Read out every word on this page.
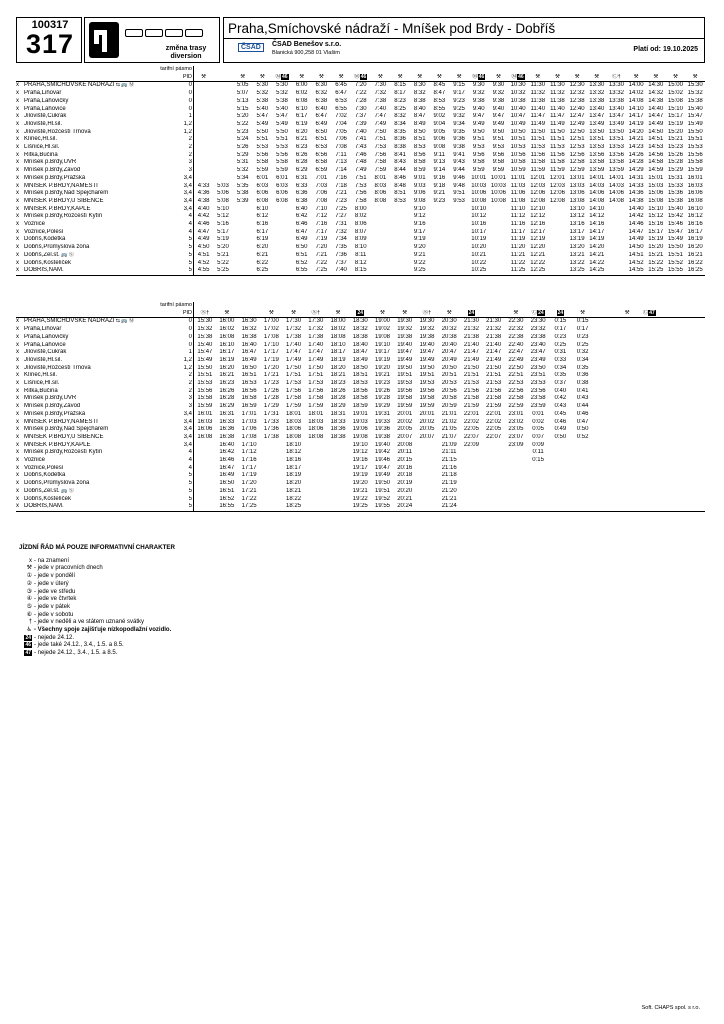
100317
317	změna trasy diversion
Praha,Smíchovské nádraží - Mníšek pod Brdy - Dobříš
ČSAD	ČSAD Benešov s.r.o.
Blanická 900,258 01 Vlašim	Platí od: 19.10.2025
		tarifní pásmo																										
		PID	⚒		⚒	⚒	Ⓜ46	⚒	⚒	⚒	Ⓜ46	⚒	⚒	⚒	⚒	⚒	Ⓜ46	⚒	Ⓜ46	⚒	⚒	⚒	⚒	Ⓒ†	⚒	⚒	⚒	⚒
x	PRAHA,SMÍCHOVSKÉ NÁDRAŽÍ ⇆ 🚌 Ⓜ	0			5:05	5:30	5:30	6:00	6:30	6:45	7:20	7:30	8:15	8:30	8:45	9:15	9:30	9:30	10:30	11:30	11:30	12:30	13:30	13:30	14:00	14:30	15:00	15:30
x	Praha,Lihovar	0			5:07	5:32	5:32	6:02	6:32	6:47	7:22	7:32	8:17	8:32	8:47	9:17	9:32	9:32	10:32	11:32	11:32	12:32	13:32	13:32	14:02	14:32	15:02	15:32
x	Praha,Lahovičky	0			5:13	5:38	5:38	6:08	6:38	6:53	7:28	7:38	8:23	8:38	8:53	9:23	9:38	9:38	10:38	11:38	11:38	12:38	13:38	13:38	14:08	14:38	15:08	15:38
x	Praha,Lahovice	0			5:15	5:40	5:40	6:10	6:40	6:55	7:30	7:40	8:25	8:40	8:55	9:25	9:40	9:40	10:40	11:40	11:40	12:40	13:40	13:40	14:10	14:40	15:10	15:40
x	Jíloviště,Cukrák	1			5:20	5:47	5:47	6:17	6:47	7:02	7:37	7:47	8:32	8:47	9:02	9:32	9:47	9:47	10:47	11:47	11:47	12:47	13:47	13:47	14:17	14:47	15:17	15:47
x	Jíloviště,Hl.sil.	1,2			5:22	5:49	5:49	6:19	6:49	7:04	7:39	7:49	8:34	8:49	9:04	9:34	9:49	9:49	10:49	11:49	11:49	12:49	13:49	13:49	14:19	14:49	15:19	15:49
x	Jíloviště,Rozcestí Trnová	1,2			5:23	5:50	5:50	6:20	6:50	7:05	7:40	7:50	8:35	8:50	9:05	9:35	9:50	9:50	10:50	11:50	11:50	12:50	13:50	13:50	14:20	14:50	15:20	15:50
x	Klínec,Hl.sil.	2			5:24	5:51	5:51	6:21	6:51	7:06	7:41	7:51	8:36	8:51	9:06	9:36	9:51	9:51	10:51	11:51	11:51	12:51	13:51	13:51	14:21	14:51	15:21	15:51
x	Líšnice,Hl.sil.	2			5:26	5:53	5:53	6:23	6:53	7:08	7:43	7:53	8:38	8:53	9:08	9:38	9:53	9:53	10:53	11:53	11:53	12:53	13:53	13:53	14:23	14:53	15:23	15:53
x	Řitka,Bučina	2			5:29	5:56	5:56	6:26	6:56	7:11	7:46	7:56	8:41	8:56	9:11	9:41	9:56	9:56	10:56	11:56	11:56	12:56	13:56	13:56	14:26	14:56	15:26	15:56
x	Mníšek p.Brdy,ÚVR	3			5:31	5:58	5:58	6:28	6:58	7:13	7:48	7:58	8:43	8:58	9:13	9:43	9:58	9:58	10:58	11:58	11:58	12:58	13:58	13:58	14:28	14:58	15:28	15:58
x	Mníšek p.Brdy,Závod	3			5:32	5:59	5:59	6:29	6:59	7:14	7:49	7:59	8:44	8:59	9:14	9:44	9:59	9:59	10:59	11:59	11:59	12:59	13:59	13:59	14:29	14:59	15:29	15:59
x	Mníšek p.Brdy,Pražská	3,4			5:34	6:01	6:01	6:31	7:01	7:16	7:51	8:01	8:46	9:01	9:16	9:46	10:01	10:01	11:01	12:01	12:01	13:01	14:01	14:01	14:31	15:01	15:31	16:01
x	MNÍŠEK P.BRDY,NÁMĚSTÍ	3,4	4:33	5:03	5:35	6:03	6:03	6:33	7:03	7:18	7:53	8:03	8:48	9:03	9:18	9:48	10:03	10:03	11:03	12:03	12:03	13:03	14:03	14:03	14:33	15:03	15:33	16:03
x	Mníšek p.Brdy,Nad Spejcharem	3,4	4:36	5:06	5:38	6:06	6:06	6:36	7:06	7:21	7:56	8:06	8:51	9:06	9:21	9:51	10:06	10:06	11:06	12:06	12:06	13:06	14:06	14:06	14:36	15:06	15:36	16:06
x	MNÍŠEK P.BRDY,U ŠIBENCE	3,4	4:38	5:08	5:39	6:08	6:08	6:38	7:08	7:23	7:58	8:08	8:53	9:08	9:23	9:53	10:08	10:08	11:08	12:08	12:08	13:08	14:08	14:08	14:38	15:08	15:38	16:08
x	MNÍŠEK P.BRDY,KAPLE	3,4	4:40	5:10		6:10		6:40	7:10	7:25	8:00			9:10			10:10		11:10	12:10		13:10	14:10		14:40	15:10	15:40	16:10
x	Mníšek p.Brdy,Rozcestí Kytín	4	4:42	5:12		6:12		6:42	7:12	7:27	8:02			9:12			10:12		11:12	12:12		13:12	14:12		14:42	15:12	15:42	16:12
x	Voznice	4	4:46	5:16		6:16		6:46	7:16	7:31	8:06			9:16			10:16		11:16	12:16		13:16	14:16		14:46	15:16	15:46	16:16
x	Voznice,Polesí	4	4:47	5:17		6:17		6:47	7:17	7:32	8:07			9:17			10:17		11:17	12:17		13:17	14:17		14:47	15:17	15:47	16:17
x	Dobříš,Kodetka	5	4:49	5:19		6:19		6:49	7:19	7:34	8:09			9:19			10:19		11:19	12:19		13:19	14:19		14:49	15:19	15:49	16:19
x	Dobříš,Průmyslová zóna	5	4:50	5:20		6:20		6:50	7:20	7:35	8:10			9:20			10:20		11:20	12:20		13:20	14:20		14:50	15:20	15:50	16:20
x	Dobříš,Žel.st. 🚌 Ⓢ	5	4:51	5:21		6:21		6:51	7:21	7:36	8:11			9:21			10:21		11:21	12:21		13:21	14:21		14:51	15:21	15:51	16:21
x	Dobříš,Kostelíček	5	4:52	5:22		6:22		6:52	7:22	7:37	8:12			9:22			10:22		11:22	12:22		13:22	14:22		14:52	15:22	15:52	16:22
x	DOBŘÍŠ,NÁM.	5	4:55	5:25		6:25		6:55	7:25	7:40	8:15			9:25			10:25		11:25	12:25		13:25	14:25		14:55	15:25	15:55	16:25
		tarifní pásmo																							
		PID	Ⓢ†	⚒		⚒	⚒	Ⓢ†	⚒	24	⚒	⚒	Ⓢ†	⚒	24		⚒	Ⓒ24	24	⚒		⚒	Ⓒ47		
x	PRAHA,SMÍCHOVSKÉ NÁDRAŽÍ ⇆ 🚌 Ⓜ	0	15:30	16:00	16:30	17:00	17:30	17:30	18:00	18:30	19:00	19:30	19:30	20:30	21:30	21:30	22:30	23:30	0:15	0:15					
x	Praha,Lihovar	0	15:32	16:02	16:32	17:02	17:32	17:32	18:02	18:32	19:02	19:32	19:32	20:32	21:32	21:32	22:32	23:32	0:17	0:17					
x	Praha,Lahovičky	0	15:38	16:08	16:38	17:08	17:38	17:38	18:08	18:38	19:08	19:38	19:38	20:38	21:38	21:38	22:38	23:38	0:23	0:23					
x	Praha,Lahovice	0	15:40	16:10	16:40	17:10	17:40	17:40	18:10	18:40	19:10	19:40	19:40	20:40	21:40	21:40	22:40	23:40	0:25	0:25					
x	Jíloviště,Cukrák	1	15:47	16:17	16:47	17:17	17:47	17:47	18:17	18:47	19:17	19:47	19:47	20:47	21:47	21:47	22:47	23:47	0:31	0:32					
x	Jíloviště,Hl.sil.	1,2	15:49	16:19	16:49	17:19	17:49	17:49	18:19	18:49	19:19	19:49	19:49	20:49	21:49	21:49	22:49	23:49	0:33	0:34					
x	Jíloviště,Rozcestí Trnová	1,2	15:50	16:20	16:50	17:20	17:50	17:50	18:20	18:50	19:20	19:50	19:50	20:50	21:50	21:50	22:50	23:50	0:34	0:35					
x	Klínec,Hl.sil.	2	15:51	16:21	16:51	17:21	17:51	17:51	18:21	18:51	19:21	19:51	19:51	20:51	21:51	21:51	22:51	23:51	0:35	0:36					
x	Líšnice,Hl.sil.	2	15:53	16:23	16:53	17:23	17:53	17:53	18:23	18:53	19:23	19:53	19:53	20:53	21:53	21:53	22:53	23:53	0:37	0:38					
x	Řitka,Bučina	2	15:56	16:26	16:56	17:26	17:56	17:56	18:26	18:56	19:26	19:56	19:56	20:56	21:56	21:56	22:56	23:56	0:40	0:41					
x	Mníšek p.Brdy,ÚVR	3	15:58	16:28	16:58	17:28	17:58	17:58	18:28	18:58	19:28	19:58	19:58	20:58	21:58	21:58	22:58	23:58	0:42	0:43					
x	Mníšek p.Brdy,Závod	3	15:59	16:29	16:59	17:29	17:59	17:59	18:29	18:59	19:29	19:59	19:59	20:59	21:59	21:59	22:59	23:59	0:43	0:44					
x	Mníšek p.Brdy,Pražská	3,4	16:01	16:31	17:01	17:31	18:01	18:01	18:31	19:01	19:31	20:01	20:01	21:01	22:01	22:01	23:01	0:01	0:45	0:46					
x	MNÍŠEK P.BRDY,NÁMĚSTÍ	3,4	16:03	16:33	17:03	17:33	18:03	18:03	18:33	19:03	19:33	20:02	20:02	21:02	22:02	22:02	23:02	0:02	0:46	0:47					
x	Mníšek p.Brdy,Nad Spejcharem	3,4	16:06	16:36	17:06	17:36	18:06	18:06	18:36	19:06	19:36	20:05	20:05	21:05	22:05	22:05	23:05	0:05	0:49	0:50					
x	MNÍŠEK P.BRDY,U ŠIBENCE	3,4	16:08	16:38	17:08	17:38	18:08	18:08	18:38	19:08	19:38	20:07	20:07	21:07	22:07	22:07	23:07	0:07	0:50	0:52					
x	MNÍŠEK P.BRDY,KAPLE	3,4		16:40	17:10		18:10			19:10	19:40	20:08		21:09	22:09		23:09	0:09							
x	Mníšek p.Brdy,Rozcestí Kytín	4		16:42	17:12		18:12			19:12	19:42	20:11		21:11				0:11							
x	Voznice	4		16:46	17:16		18:16			19:16	19:46	20:15		21:15				0:15							
x	Voznice,Polesí	4		16:47	17:17		18:17			19:17	19:47	20:16		21:16											
x	Dobříš,Kodetka	5		16:49	17:19		18:19			19:19	19:49	20:18		21:18											
x	Dobříš,Průmyslová zóna	5		16:50	17:20		18:20			19:20	19:50	20:19		21:19											
x	Dobříš,Žel.st. 🚌 Ⓢ	5		16:51	17:21		18:21			19:21	19:51	20:20		21:20											
x	Dobříš,Kostelíček	5		16:52	17:22		18:22			19:22	19:52	20:21		21:21											
x	DOBŘÍŠ,NÁM.	5		16:55	17:25		18:25			19:25	19:55	20:24		21:24											
JÍZDNÍ ŘÁD MÁ POUZE INFORMATIVNÍ CHARAKTER
x - na znamení
⚒ - jede v pracovních dnech
① - jede v pondělí
② - jede v úterý
③ - jede ve středu
④ - jede ve čtvrtek
⑤ - jede v pátek
⑥ - jede v sobotu
† - jede v neděli a ve státem uznané svátky
♿ - Všechny spoje zajišťuje nízkopodlažní vozidlo.
24 - nejede 24.12.
46 - jede také 24.12., 3.4., 1.5. a 8.5.
47 - nejede 24.12., 3.4., 1.5. a 8.5.
Soft. CHAPS spol. s r.o.
